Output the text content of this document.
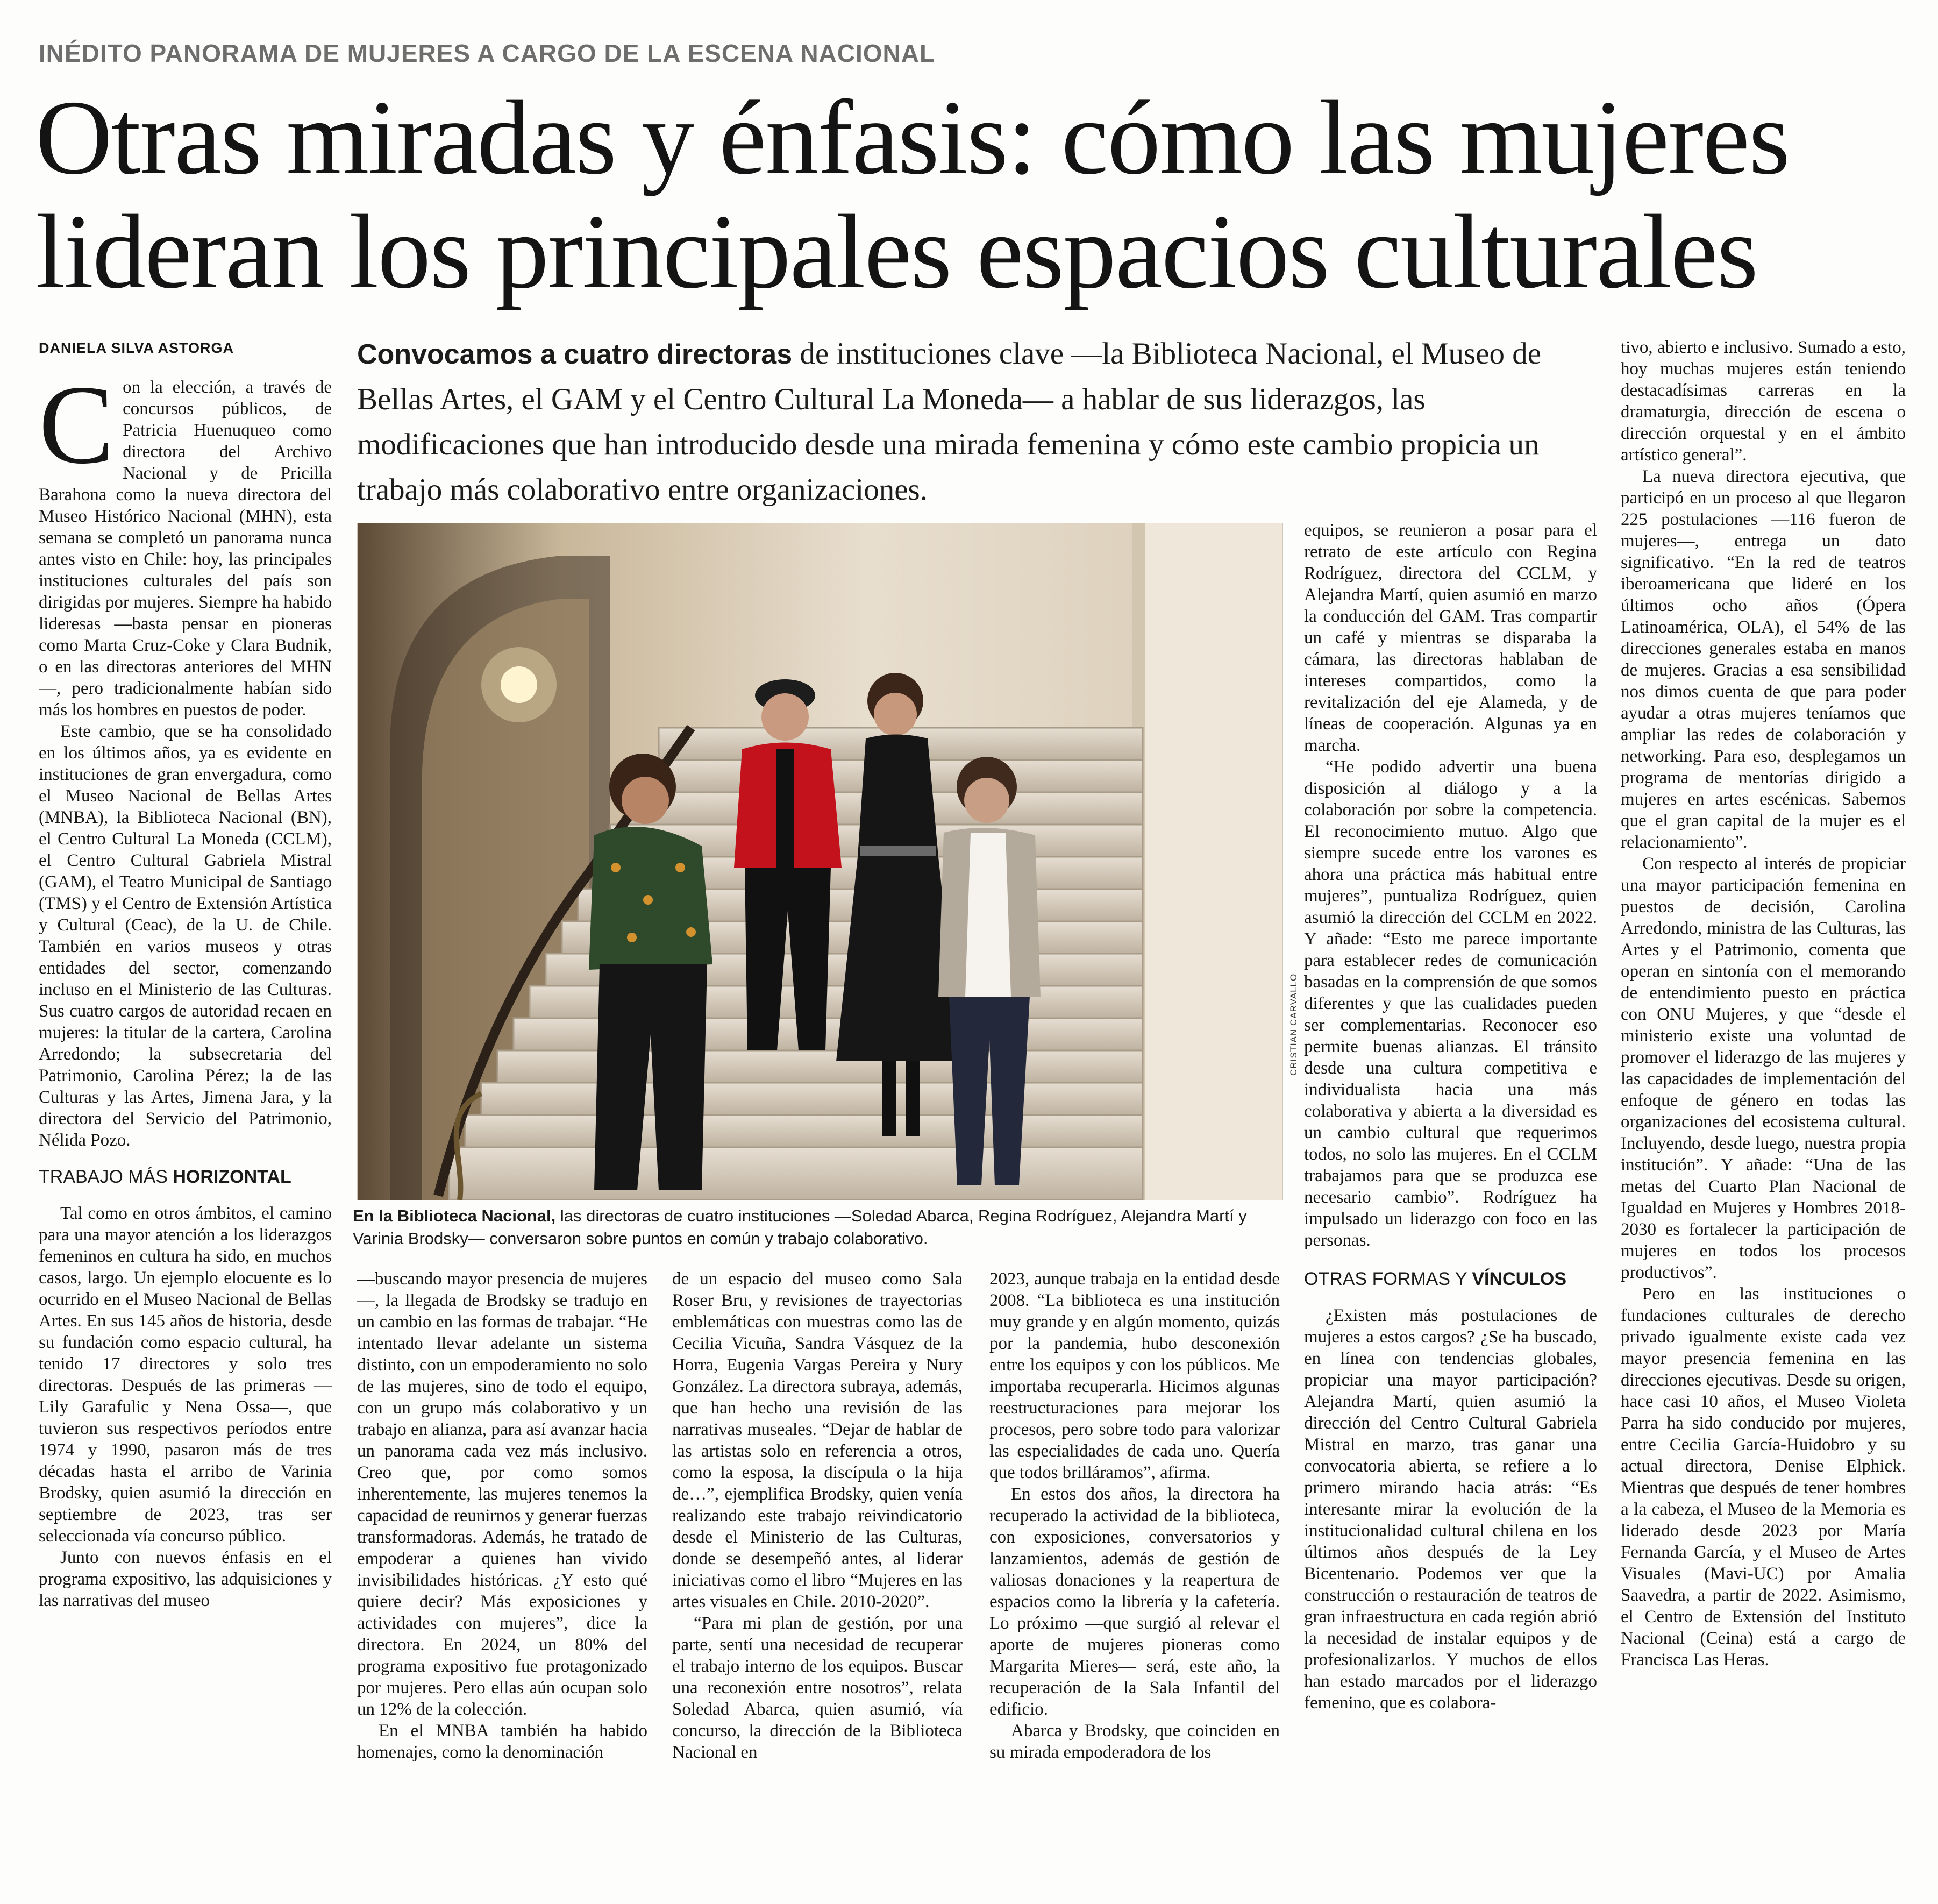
INÉDITO PANORAMA DE MUJERES A CARGO DE LA ESCENA NACIONAL
Otras miradas y énfasis: cómo las mujeres
lideran los principales espacios culturales
DANIELA SILVA ASTORGA

Con la elección, a través de concursos públicos, de Patricia Huenuqueo como directora del Archivo Nacional y de Pricilla Barahona como la nueva directora del Museo Histórico Nacional (MHN), esta semana se completó un panorama nunca antes visto en Chile: hoy, las principales instituciones culturales del país son dirigidas por mujeres. Siempre ha habido lideresas —basta pensar en pioneras como Marta Cruz-Coke y Clara Budnik, o en las directoras anteriores del MHN—, pero tradicionalmente habían sido más los hombres en puestos de poder.

Este cambio, que se ha consolidado en los últimos años, ya es evidente en instituciones de gran envergadura, como el Museo Nacional de Bellas Artes (MNBA), la Biblioteca Nacional (BN), el Centro Cultural La Moneda (CCLM), el Centro Cultural Gabriela Mistral (GAM), el Teatro Municipal de Santiago (TMS) y el Centro de Extensión Artística y Cultural (Ceac), de la U. de Chile. También en varios museos y otras entidades del sector, comenzando incluso en el Ministerio de las Culturas. Sus cuatro cargos de autoridad recaen en mujeres: la titular de la cartera, Carolina Arredondo; la subsecretaria del Patrimonio, Carolina Pérez; la de las Culturas y las Artes, Jimena Jara, y la directora del Servicio del Patrimonio, Nélida Pozo.

TRABAJO MÁS HORIZONTAL

Tal como en otros ámbitos, el camino para una mayor atención a los liderazgos femeninos en cultura ha sido, en muchos casos, largo. Un ejemplo elocuente es lo ocurrido en el Museo Nacional de Bellas Artes. En sus 145 años de historia, desde su fundación como espacio cultural, ha tenido 17 directores y solo tres directoras. Después de las primeras —Lily Garafulic y Nena Ossa—, que tuvieron sus respectivos períodos entre 1974 y 1990, pasaron más de tres décadas hasta el arribo de Varinia Brodsky, quien asumió la dirección en septiembre de 2023, tras ser seleccionada vía concurso público.

Junto con nuevos énfasis en el programa expositivo, las adquisiciones y las narrativas del museo

Convocamos a cuatro directoras de instituciones clave —la Biblioteca Nacional, el Museo de Bellas Artes, el GAM y el Centro Cultural La Moneda— a hablar de sus liderazgos, las modificaciones que han introducido desde una mirada femenina y cómo este cambio propicia un trabajo más colaborativo entre organizaciones.
CRISTIAN CARVALLO
En la Biblioteca Nacional, las directoras de cuatro instituciones —Soledad Abarca, Regina Rodríguez, Alejandra Martí y Varinia Brodsky— conversaron sobre puntos en común y trabajo colaborativo.

—buscando mayor presencia de mujeres—, la llegada de Brodsky se tradujo en un cambio en las formas de trabajar. “He intentado llevar adelante un sistema distinto, con un empoderamiento no solo de las mujeres, sino de todo el equipo, con un grupo más colaborativo y un trabajo en alianza, para así avanzar hacia un panorama cada vez más inclusivo. Creo que, por como somos inherentemente, las mujeres tenemos la capacidad de reunirnos y generar fuerzas transformadoras. Además, he tratado de empoderar a quienes han vivido invisibilidades históricas. ¿Y esto qué quiere decir? Más exposiciones y actividades con mujeres”, dice la directora. En 2024, un 80% del programa expositivo fue protagonizado por mujeres. Pero ellas aún ocupan solo un 12% de la colección.

En el MNBA también ha habido homenajes, como la denominación

de un espacio del museo como Sala Roser Bru, y revisiones de trayectorias emblemáticas con muestras como las de Cecilia Vicuña, Sandra Vásquez de la Horra, Eugenia Vargas Pereira y Nury González. La directora subraya, además, que han hecho una revisión de las narrativas museales. “Dejar de hablar de las artistas solo en referencia a otros, como la esposa, la discípula o la hija de…”, ejemplifica Brodsky, quien venía realizando este trabajo reivindicatorio desde el Ministerio de las Culturas, donde se desempeñó antes, al liderar iniciativas como el libro “Mujeres en las artes visuales en Chile. 2010-2020”.

“Para mi plan de gestión, por una parte, sentí una necesidad de recuperar el trabajo interno de los equipos. Buscar una reconexión entre nosotros”, relata Soledad Abarca, quien asumió, vía concurso, la dirección de la Biblioteca Nacional en

2023, aunque trabaja en la entidad desde 2008. “La biblioteca es una institución muy grande y en algún momento, quizás por la pandemia, hubo desconexión entre los equipos y con los públicos. Me importaba recuperarla. Hicimos algunas reestructuraciones para mejorar los procesos, pero sobre todo para valorizar las especialidades de cada uno. Quería que todos brilláramos”, afirma.

En estos dos años, la directora ha recuperado la actividad de la biblioteca, con exposiciones, conversatorios y lanzamientos, además de gestión de valiosas donaciones y la reapertura de espacios como la librería y la cafetería. Lo próximo —que surgió al relevar el aporte de mujeres pioneras como Margarita Mieres— será, este año, la recuperación de la Sala Infantil del edificio.

Abarca y Brodsky, que coinciden en su mirada empoderadora de los

equipos, se reunieron a posar para el retrato de este artículo con Regina Rodríguez, directora del CCLM, y Alejandra Martí, quien asumió en marzo la conducción del GAM. Tras compartir un café y mientras se disparaba la cámara, las directoras hablaban de intereses compartidos, como la revitalización del eje Alameda, y de líneas de cooperación. Algunas ya en marcha.

“He podido advertir una buena disposición al diálogo y a la colaboración por sobre la competencia. El reconocimiento mutuo. Algo que siempre sucede entre los varones es ahora una práctica más habitual entre mujeres”, puntualiza Rodríguez, quien asumió la dirección del CCLM en 2022. Y añade: “Esto me parece importante para establecer redes de comunicación basadas en la comprensión de que somos diferentes y que las cualidades pueden ser complementarias. Reconocer eso permite buenas alianzas. El tránsito desde una cultura competitiva e individualista hacia una más colaborativa y abierta a la diversidad es un cambio cultural que requerimos todos, no solo las mujeres. En el CCLM trabajamos para que se produzca ese necesario cambio”. Rodríguez ha impulsado un liderazgo con foco en las personas.

OTRAS FORMAS Y VÍNCULOS

¿Existen más postulaciones de mujeres a estos cargos? ¿Se ha buscado, en línea con tendencias globales, propiciar una mayor participación? Alejandra Martí, quien asumió la dirección del Centro Cultural Gabriela Mistral en marzo, tras ganar una convocatoria abierta, se refiere a lo primero mirando hacia atrás: “Es interesante mirar la evolución de la institucionalidad cultural chilena en los últimos años después de la Ley Bicentenario. Podemos ver que la construcción o restauración de teatros de gran infraestructura en cada región abrió la necesidad de instalar equipos y de profesionalizarlos. Y muchos de ellos han estado marcados por el liderazgo femenino, que es colabora-

tivo, abierto e inclusivo. Sumado a esto, hoy muchas mujeres están teniendo destacadísimas carreras en la dramaturgia, dirección de escena o dirección orquestal y en el ámbito artístico general”.

La nueva directora ejecutiva, que participó en un proceso al que llegaron 225 postulaciones —116 fueron de mujeres—, entrega un dato significativo. “En la red de teatros iberoamericana que lideré en los últimos ocho años (Ópera Latinoamérica, OLA), el 54% de las direcciones generales estaba en manos de mujeres. Gracias a esa sensibilidad nos dimos cuenta de que para poder ayudar a otras mujeres teníamos que ampliar las redes de colaboración y networking. Para eso, desplegamos un programa de mentorías dirigido a mujeres en artes escénicas. Sabemos que el gran capital de la mujer es el relacionamiento”.

Con respecto al interés de propiciar una mayor participación femenina en puestos de decisión, Carolina Arredondo, ministra de las Culturas, las Artes y el Patrimonio, comenta que operan en sintonía con el memorando de entendimiento puesto en práctica con ONU Mujeres, y que “desde el ministerio existe una voluntad de promover el liderazgo de las mujeres y las capacidades de implementación del enfoque de género en todas las organizaciones del ecosistema cultural. Incluyendo, desde luego, nuestra propia institución”. Y añade: “Una de las metas del Cuarto Plan Nacional de Igualdad en Mujeres y Hombres 2018-2030 es fortalecer la participación de mujeres en todos los procesos productivos”.

Pero en las instituciones o fundaciones culturales de derecho privado igualmente existe cada vez mayor presencia femenina en las direcciones ejecutivas. Desde su origen, hace casi 10 años, el Museo Violeta Parra ha sido conducido por mujeres, entre Cecilia García-Huidobro y su actual directora, Denise Elphick. Mientras que después de tener hombres a la cabeza, el Museo de la Memoria es liderado desde 2023 por María Fernanda García, y el Museo de Artes Visuales (Mavi-UC) por Amalia Saavedra, a partir de 2022. Asimismo, el Centro de Extensión del Instituto Nacional (Ceina) está a cargo de Francisca Las Heras.
